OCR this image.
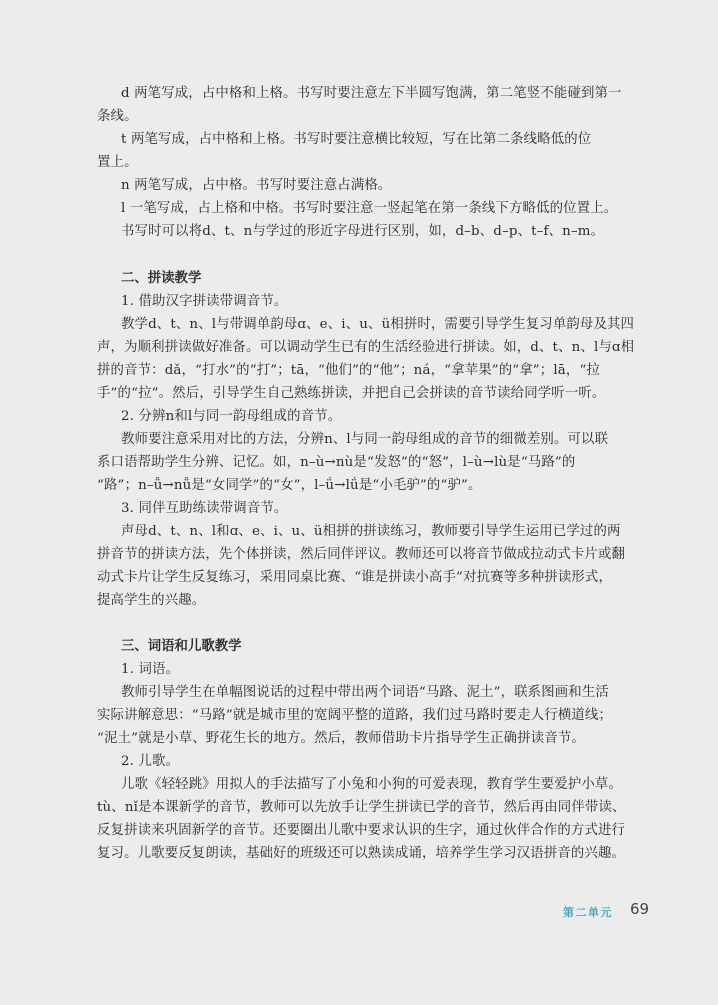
d 两笔写成，占中格和上格。书写时要注意左下半圆写饱满，第二笔竖不能碰到第一
条线。
t 两笔写成，占中格和上格。书写时要注意横比较短，写在比第二条线略低的位
置上。
n 两笔写成，占中格。书写时要注意占满格。
l 一笔写成，占上格和中格。书写时要注意一竖起笔在第一条线下方略低的位置上。
书写时可以将d、t、n与学过的形近字母进行区别，如，d–b、d–p、t–f、n–m。
二、拼读教学
1. 借助汉字拼读带调音节。
教学d、t、n、l与带调单韵母ɑ、e、i、u、ü相拼时，需要引导学生复习单韵母及其四
声，为顺利拼读做好准备。可以调动学生已有的生活经验进行拼读。如，d、t、n、l与ɑ相
拼的音节：dǎ，“打水”的“打”；tā，“他们”的“他”；ná，“拿苹果”的“拿”；lā，“拉
手”的“拉”。然后，引导学生自己熟练拼读，并把自己会拼读的音节读给同学听一听。
2. 分辨n和l与同一韵母组成的音节。
教师要注意采用对比的方法，分辨n、l与同一韵母组成的音节的细微差别。可以联
系口语帮助学生分辨、记忆。如，n–ù→nù是“发怒”的“怒”，l–ù→lù是“马路”的
“路”；n–ǚ→nǚ是“女同学”的“女”，l–ǘ→lǘ是“小毛驴”的“驴”。
3. 同伴互助练读带调音节。
声母d、t、n、l和ɑ、e、i、u、ü相拼的拼读练习，教师要引导学生运用已学过的两
拼音节的拼读方法，先个体拼读，然后同伴评议。教师还可以将音节做成拉动式卡片或翻
动式卡片让学生反复练习，采用同桌比赛、“谁是拼读小高手”对抗赛等多种拼读形式，
提高学生的兴趣。
三、词语和儿歌教学
1. 词语。
教师引导学生在单幅图说话的过程中带出两个词语“马路、泥土”，联系图画和生活
实际讲解意思：“马路”就是城市里的宽阔平整的道路，我们过马路时要走人行横道线；
“泥土”就是小草、野花生长的地方。然后，教师借助卡片指导学生正确拼读音节。
2. 儿歌。
儿歌《轻轻跳》用拟人的手法描写了小兔和小狗的可爱表现，教育学生要爱护小草。
tù、nǐ是本课新学的音节，教师可以先放手让学生拼读已学的音节，然后再由同伴带读、
反复拼读来巩固新学的音节。还要圈出儿歌中要求认识的生字，通过伙伴合作的方式进行
复习。儿歌要反复朗读，基础好的班级还可以熟读成诵，培养学生学习汉语拼音的兴趣。
第二单元 69
